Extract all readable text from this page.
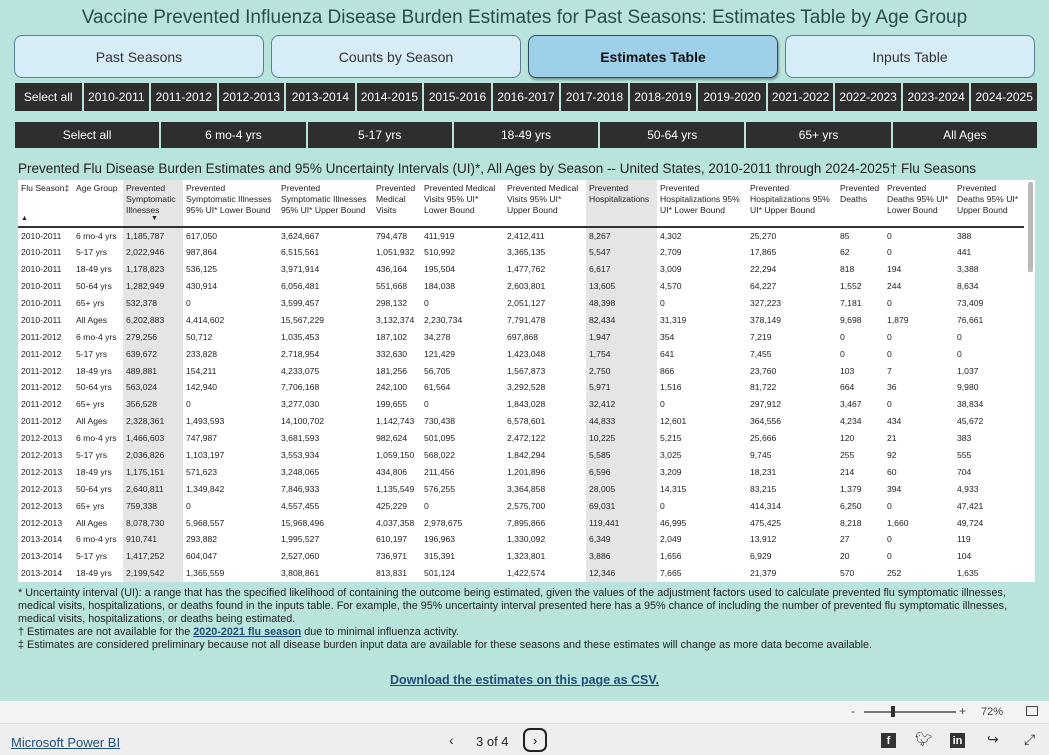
Vaccine Prevented Influenza Disease Burden Estimates for Past Seasons: Estimates Table by Age Group
Past Seasons	Counts by Season	Estimates Table	Inputs Table
Select all	2010-2011 2011-2012 2012-2013 2013-2014 2014-2015 2015-2016 2016-2017 2017-2018 2018-2019 2019-2020 2021-2022 2022-2023 2023-2024 2024-2025
Select all	6 mo-4 yrs	5-17 yrs	18-49 yrs	50-64 yrs	65+ yrs	All Ages
Prevented Flu Disease Burden Estimates and 95% Uncertainty Intervals (UI)*, All Ages by Season -- United States, 2010-2011 through 2024-2025† Flu Seasons
Flu Season‡
▲	Age Group	Prevented Symptomatic Illnesses
▼	Prevented Symptomatic Illnesses 95% UI* Lower Bound	Prevented Symptomatic Illnesses 95% UI* Upper Bound	Prevented Medical Visits	Prevented Medical Visits 95% UI* Lower Bound	Prevented Medical Visits 95% UI* Upper Bound	Prevented Hospitalizations	Prevented Hospitalizations 95% UI* Lower Bound	Prevented Hospitalizations 95% UI* Upper Bound	Prevented Deaths	Prevented Deaths 95% UI* Lower Bound	Prevented Deaths 95% UI* Upper Bound
2010-2011	6 mo-4 yrs	1,185,787	617,050	3,624,667	794,478	411,919	2,412,411	8,267	4,302	25,270	85	0	388
2010-2011	5-17 yrs	2,022,946	987,864	6,515,561	1,051,932	510,992	3,365,135	5,547	2,709	17,865	62	0	441
2010-2011	18-49 yrs	1,178,823	536,125	3,971,914	436,164	195,504	1,477,762	6,617	3,009	22,294	818	194	3,388
2010-2011	50-64 yrs	1,282,949	430,914	6,056,481	551,668	184,038	2,603,801	13,605	4,570	64,227	1,552	244	8,634
2010-2011	65+ yrs	532,378	0	3,599,457	298,132	0	2,051,127	48,398	0	327,223	7,181	0	73,409
2010-2011	All Ages	6,202,883	4,414,602	15,567,229	3,132,374	2,230,734	7,791,478	82,434	31,319	378,149	9,698	1,879	76,661
2011-2012	6 mo-4 yrs	279,256	50,712	1,035,453	187,102	34,278	697,868	1,947	354	7,219	0	0	0
2011-2012	5-17 yrs	639,672	233,828	2,718,954	332,630	121,429	1,423,048	1,754	641	7,455	0	0	0
2011-2012	18-49 yrs	489,881	154,211	4,233,075	181,256	56,705	1,567,873	2,750	866	23,760	103	7	1,037
2011-2012	50-64 yrs	563,024	142,940	7,706,168	242,100	61,564	3,292,528	5,971	1,516	81,722	664	36	9,980
2011-2012	65+ yrs	356,528	0	3,277,030	199,655	0	1,843,028	32,412	0	297,912	3,467	0	38,834
2011-2012	All Ages	2,328,361	1,493,593	14,100,702	1,142,743	730,438	6,578,601	44,833	12,601	364,556	4,234	434	45,672
2012-2013	6 mo-4 yrs	1,466,603	747,987	3,681,593	982,624	501,095	2,472,122	10,225	5,215	25,666	120	21	383
2012-2013	5-17 yrs	2,036,826	1,103,197	3,553,934	1,059,150	568,022	1,842,294	5,585	3,025	9,745	255	92	555
2012-2013	18-49 yrs	1,175,151	571,623	3,248,065	434,806	211,456	1,201,896	6,596	3,209	18,231	214	60	704
2012-2013	50-64 yrs	2,640,811	1,349,842	7,846,933	1,135,549	576,255	3,364,858	28,005	14,315	83,215	1,379	394	4,933
2012-2013	65+ yrs	759,338	0	4,557,455	425,229	0	2,575,700	69,031	0	414,314	6,250	0	47,421
2012-2013	All Ages	8,078,730	5,968,557	15,968,496	4,037,358	2,978,675	7,895,866	119,441	46,995	475,425	8,218	1,660	49,724
2013-2014	6 mo-4 yrs	910,741	293,882	1,995,527	610,197	196,963	1,330,092	6,349	2,049	13,912	27	0	119
2013-2014	5-17 yrs	1,417,252	604,047	2,527,060	736,971	315,391	1,323,801	3,886	1,656	6,929	20	0	104
2013-2014	18-49 yrs	2,199,542	1,365,559	3,808,861	813,831	501,124	1,422,574	12,346	7,665	21,379	570	252	1,635

* Uncertainty interval (UI): a range that has the specified likelihood of containing the outcome being estimated, given the values of the adjustment factors used to calculate prevented flu symptomatic illnesses, medical visits, hospitalizations, or deaths found in the inputs table. For example, the 95% uncertainty interval presented here has a 95% chance of including the number of prevented flu symptomatic illnesses, medical visits, hospitalizations, or deaths being estimated.
† Estimates are not available for the 2020-2021 flu season due to minimal influenza activity.
‡ Estimates are considered preliminary because not all disease burden input data are available for these seasons and these estimates will change as more data become available.
Download the estimates on this page as CSV.
-	+ 72%
Microsoft Power BI	‹ 3 of 4 ›	f	🐦︎ in ↪ ⤢
